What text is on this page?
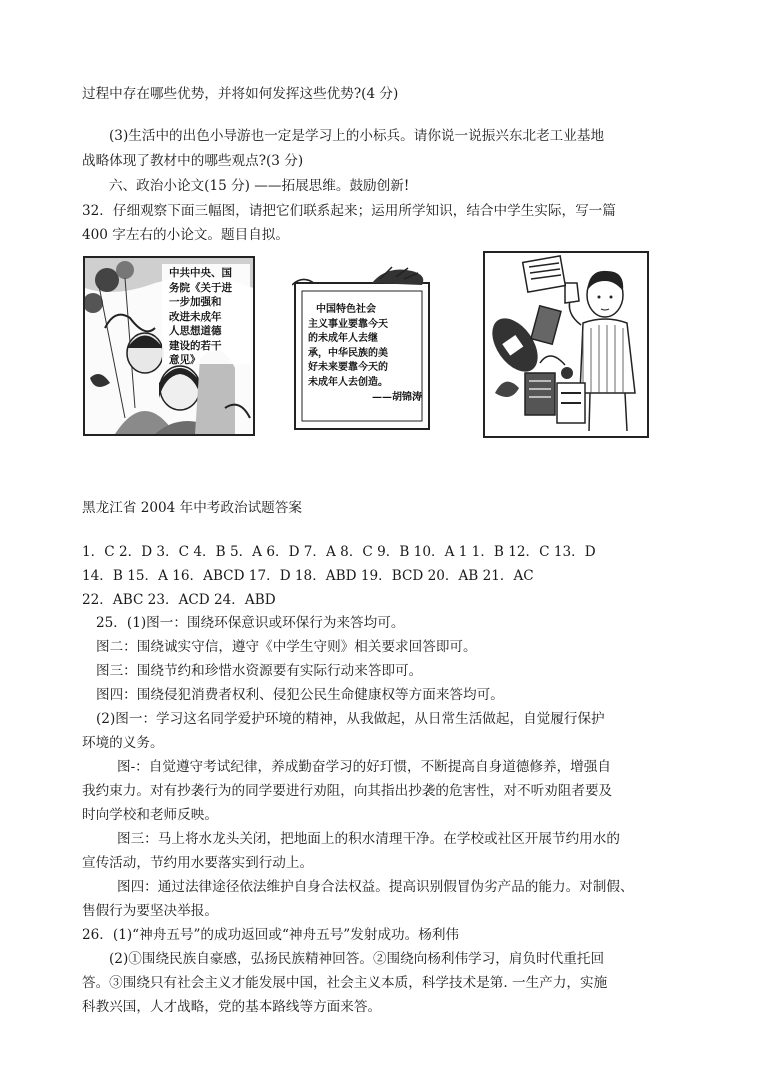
过程中存在哪些优势，并将如何发挥这些优势?(4 分)
(3)生活中的出色小导游也一定是学习上的小标兵。请你说一说振兴东北老工业基地
战略体现了教材中的哪些观点?(3 分)
六、政治小论文(15 分) ——拓展思维。鼓励创新!
32．仔细观察下面三幅图，请把它们联系起来；运用所学知识，结合中学生实际，写一篇
400 字左右的小论文。题目自拟。
中共中央、国
务院《关于进
一步加强和
改进未成年
人思想道德
建设的若干
意见》
中国特色社会
主义事业要靠今天
的未成年人去继
承，中华民族的美
好未来要靠今天的
未成年人去创造。
——胡锦涛
黑龙江省 2004 年中考政治试题答案
1．C 2．D 3．C 4．B 5．A 6．D 7．A 8．C 9．B 10．A 1 1．B 12．C 13．D
14．B 15．A 16．ABCD 17．D 18．ABD 19．BCD 20．AB 21．AC
22．ABC 23．ACD 24．ABD
25．(1)图一：围绕环保意识或环保行为来答均可。
图二：围绕诚实守信，遵守《中学生守则》相关要求回答即可。
图三：围绕节约和珍惜水资源要有实际行动来答即可。
图四：围绕侵犯消费者权利、侵犯公民生命健康权等方面来答均可。
(2)图一：学习这名同学爱护环境的精神，从我做起，从日常生活做起，自觉履行保护
环境的义务。
图-：自觉遵守考试纪律，养成勤奋学习的好玎惯，不断提高自身道德修养，增强自
我约束力。对有抄袭行为的同学要进行劝阻，向其指出抄袭的危害性，对不听劝阻者要及
时向学校和老师反映。
图三：马上将水龙头关闭，把地面上的积水清理干净。在学校或社区开展节约用水的
宣传活动，节约用水要落实到行动上。
图四：通过法律途径依法维护自身合法权益。提高识别假冒伪劣产品的能力。对制假、
售假行为要坚决举报。
26．(1)“神舟五号”的成功返回或“神舟五号”发射成功。杨利伟
(2)①围绕民族自豪感，弘扬民族精神回答。②围绕向杨利伟学习，肩负时代重托回
答。③围绕只有社会主义才能发展中国，社会主义本质，科学技术是第. 一生产力，实施
科教兴国，人才战略，党的基本路线等方面来答。
